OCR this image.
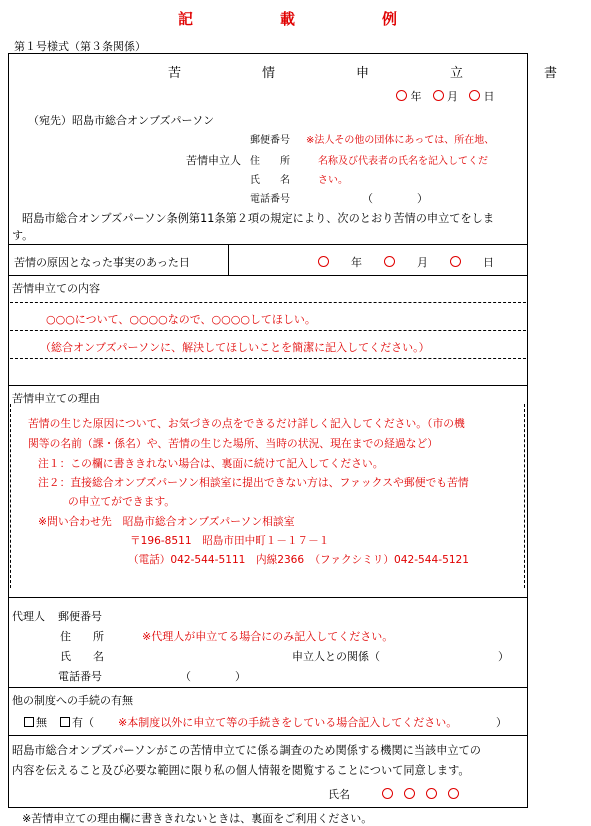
記　載　例
第１号様式（第３条関係）
苦　情　申　立　書
年　 月　 日
（宛先）昭島市総合オンブズパーソン
苦情申立人
郵便番号
住　　所
氏　　名
電話番号	（　　　　）
※法人その他の団体にあっては、所在地、
名称及び代表者の氏名を記入してくだ
さい。
昭島市総合オンブズパーソン条例第11条第２項の規定により、次のとおり苦情の申立てをしま
す。
苦情の原因となった事実のあった日
　　	年　　　　	月　　　　	日
苦情申立ての内容
○○○について、○○○○なので、○○○○してほしい。
（総合オンブズパーソンに、解決してほしいことを簡潔に記入してください。）
苦情申立ての理由
苦情の生じた原因について、お気づきの点をできるだけ詳しく記入してください。（市の機
関等の名前（課・係名）や、苦情の生じた場所、当時の状況、現在までの経過など）
注１：この欄に書ききれない場合は、裏面に続けて記入してください。
注２：直接総合オンブズパーソン相談室に提出できない方は、ファックスや郵便でも苦情
の申立てができます。
※問い合わせ先　昭島市総合オンブズパーソン相談室
〒196-8511　昭島市田中町１－１７－１
（電話）042-544-5111　内線2366　（ファクシミリ）042-544-5121
代理人 郵便番号
住　　所	※代理人が申立てる場合にのみ記入してください。
氏　　名	申立人との関係（	）
電話番号	（　　　　）
他の制度への手続の有無
無	有（ ※本制度以外に申立て等の手続きをしている場合記入してください。	）
昭島市総合オンブズパーソンがこの苦情申立てに係る調査のため関係する機関に当該申立ての
内容を伝えること及び必要な範囲に限り私の個人情報を閲覧することについて同意します。
氏名

※苦情申立ての理由欄に書ききれないときは、裏面をご利用ください。
